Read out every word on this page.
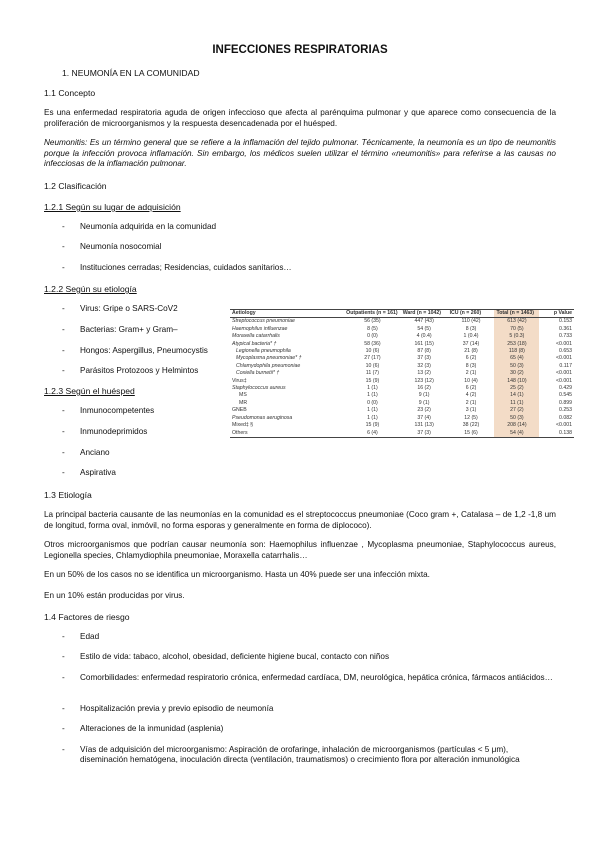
INFECCIONES RESPIRATORIAS
1. NEUMONÍA EN LA COMUNIDAD
1.1 Concepto
Es una enfermedad respiratoria aguda de origen infeccioso que afecta al parénquima pulmonar y que aparece como consecuencia de la proliferación de microorganismos y la respuesta desencadenada por el huésped.
Neumonitis: Es un término general que se refiere a la inflamación del tejido pulmonar. Técnicamente, la neumonía es un tipo de neumonitis porque la infección provoca inflamación. Sin embargo, los médicos suelen utilizar el término «neumonitis» para referirse a las causas no infecciosas de la inflamación pulmonar.
1.2 Clasificación
1.2.1 Según su lugar de adquisición
- Neumonía adquirida en la comunidad
- Neumonía nosocomial
- Instituciones cerradas; Residencias, cuidados sanitarios…
1.2.2 Según su etiología
- Virus: Gripe o SARS-CoV2
- Bacterias: Gram+ y Gram–
- Hongos: Aspergillus, Pneumocystis
- Parásitos Protozoos y Helmintos
1.2.3 Según el huésped
- Inmunocompetentes
- Inmunodeprimidos
- Anciano
- Aspirativa
Aetiology	Outpatients (n = 161)	Ward (n = 1042)	ICU (n = 260)	Total (n = 1463)	p Value
Streptococcus pneumoniae	56 (35)	447 (43)	110 (42)	613 (42)	0.153
Haemophilus influenzae	8 (5)	54 (5)	8 (3)	70 (5)	0.361
Moraxella catarrhalis	0 (0)	4 (0.4)	1 (0.4)	5 (0.3)	0.733
Atypical bacteria* †	58 (36)	161 (15)	37 (14)	253 (18)	<0.001
Legionella pneumophila	10 (6)	87 (8)	21 (8)	118 (8)	0.653
Mycoplasma pneumoniae* †	27 (17)	37 (3)	6 (2)	65 (4)	<0.001
Chlamydophila pneumoniae	10 (6)	32 (3)	8 (3)	50 (3)	0.117
Coxiella burnetii* †	11 (7)	13 (2)	2 (1)	30 (2)	<0.001
Virus‡	15 (9)	123 (12)	10 (4)	148 (10)	<0.001
Staphylococcus aureus	1 (1)	16 (2)	6 (2)	25 (2)	0.429
MS	1 (1)	9 (1)	4 (2)	14 (1)	0.545
MR	0 (0)	9 (1)	2 (1)	11 (1)	0.899
GNEB	1 (1)	23 (2)	3 (1)	27 (2)	0.253
Pseudomonas aeruginosa	1 (1)	37 (4)	12 (5)	50 (3)	0.082
Mixed‡ §	15 (9)	131 (13)	38 (22)	208 (14)	<0.001
Others	6 (4)	37 (3)	15 (6)	54 (4)	0.138
1.3 Etiología
La principal bacteria causante de las neumonías en la comunidad es el streptococcus pneumoniae (Coco gram +, Catalasa – de 1,2 -1,8 um de longitud, forma oval, inmóvil, no forma esporas y generalmente en forma de diplococo).
Otros microorganismos que podrían causar neumonía son: Haemophilus influenzae , Mycoplasma pneumoniae, Staphylococcus aureus, Legionella species, Chlamydiophila pneumoniae, Moraxella catarrhalis…
En un 50% de los casos no se identifica un microorganismo. Hasta un 40% puede ser una infección mixta.
En un 10% están producidas por virus.
1.4 Factores de riesgo
- Edad
- Estilo de vida: tabaco, alcohol, obesidad, deficiente higiene bucal, contacto con niños
- Comorbilidades: enfermedad respiratorio crónica, enfermedad cardíaca, DM, neurológica, hepática crónica, fármacos antiácidos…
- Hospitalización previa y previo episodio de neumonía
- Alteraciones de la inmunidad (asplenia)
- Vías de adquisición del microorganismo: Aspiración de orofaringe, inhalación de microorganismos (partículas < 5 μm), diseminación hematógena, inoculación directa (ventilación, traumatismos) o crecimiento flora por alteración inmunológica
